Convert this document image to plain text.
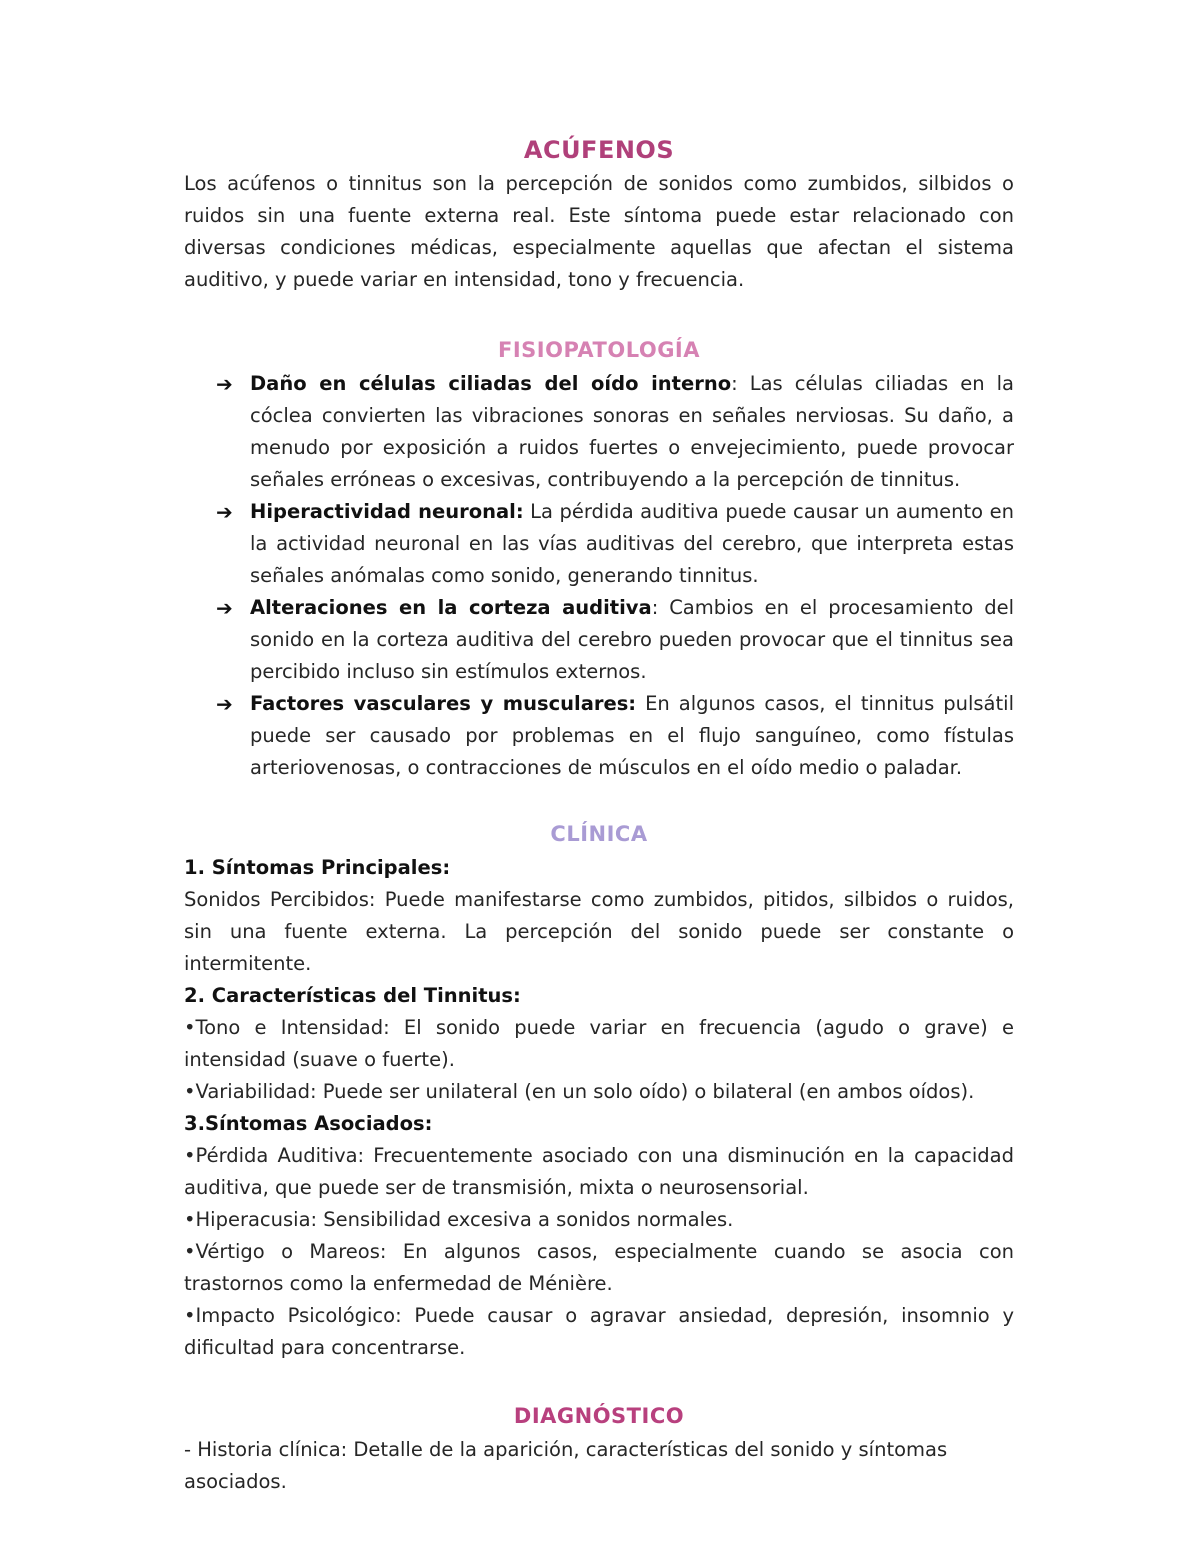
ACÚFENOS

Los acúfenos o tinnitus son la percepción de sonidos como zumbidos, silbidos o ruidos sin una fuente externa real. Este síntoma puede estar relacionado con diversas condiciones médicas, especialmente aquellas que afectan el sistema auditivo, y puede variar en intensidad, tono y frecuencia.

FISIOPATOLOGÍA
➔ Daño en células ciliadas del oído interno: Las células ciliadas en la cóclea convierten las vibraciones sonoras en señales nerviosas. Su daño, a menudo por exposición a ruidos fuertes o envejecimiento, puede provocar señales erróneas o excesivas, contribuyendo a la percepción de tinnitus.
➔ Hiperactividad neuronal: La pérdida auditiva puede causar un aumento en la actividad neuronal en las vías auditivas del cerebro, que interpreta estas señales anómalas como sonido, generando tinnitus.
➔ Alteraciones en la corteza auditiva: Cambios en el procesamiento del sonido en la corteza auditiva del cerebro pueden provocar que el tinnitus sea percibido incluso sin estímulos externos.
➔ Factores vasculares y musculares: En algunos casos, el tinnitus pulsátil puede ser causado por problemas en el flujo sanguíneo, como fístulas arteriovenosas, o contracciones de músculos en el oído medio o paladar.
CLÍNICA

1. Síntomas Principales:

Sonidos Percibidos: Puede manifestarse como zumbidos, pitidos, silbidos o ruidos, sin una fuente externa. La percepción del sonido puede ser constante o intermitente.

2. Características del Tinnitus:

•Tono e Intensidad: El sonido puede variar en frecuencia (agudo o grave) e intensidad (suave o fuerte).

•Variabilidad: Puede ser unilateral (en un solo oído) o bilateral (en ambos oídos).

3.Síntomas Asociados:

•Pérdida Auditiva: Frecuentemente asociado con una disminución en la capacidad auditiva, que puede ser de transmisión, mixta o neurosensorial.

•Hiperacusia: Sensibilidad excesiva a sonidos normales.

•Vértigo o Mareos: En algunos casos, especialmente cuando se asocia con trastornos como la enfermedad de Ménière.

•Impacto Psicológico: Puede causar o agravar ansiedad, depresión, insomnio y dificultad para concentrarse.

DIAGNÓSTICO

- Historia clínica: Detalle de la aparición, características del sonido y síntomas asociados.
